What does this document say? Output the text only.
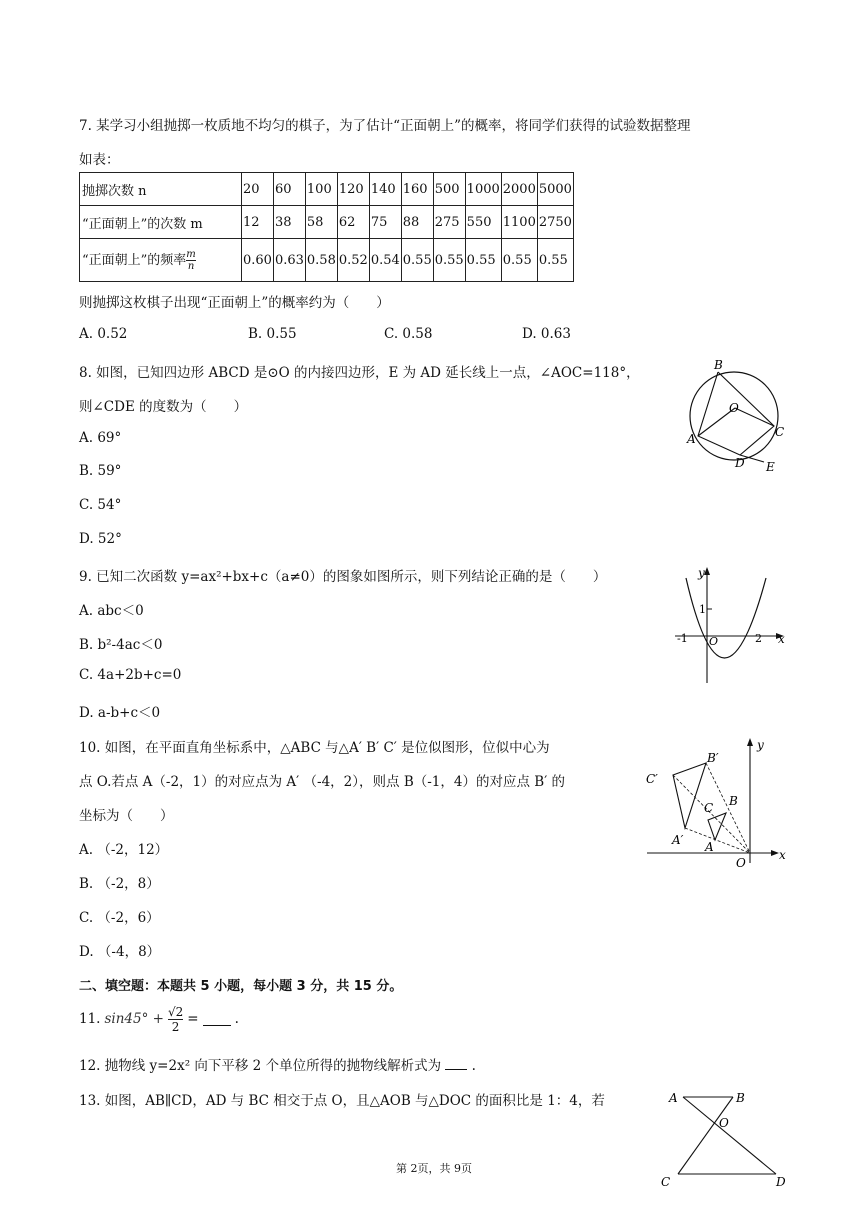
7. 某学习小组抛掷一枚质地不均匀的棋子，为了估计“正面朝上”的概率，将同学们获得的试验数据整理
如表：
抛掷次数 n	20	60	100	120	140	160	500	1000	2000	5000
“正面朝上”的次数 m	12	38	58	62	75	88	275	550	1100	2750
“正面朝上”的频率 $\frac{m}{n}$	0.60	0.63	0.58	0.52	0.54	0.55	0.55	0.55	0.55	0.55
则抛掷这枚棋子出现“正面朝上”的概率约为（　　）
A. 0.52	B. 0.55	C. 0.58	D. 0.63
8. 如图，已知四边形 ABCD 是⊙O 的内接四边形，E 为 AD 延长线上一点，∠AOC=118°，
则∠CDE 的度数为（　　）
A. 69°
B. 59°
C. 54°
D. 52°
B
O
A	C
D E
9. 已知二次函数 y=ax²+bx+c（a≠0）的图象如图所示，则下列结论正确的是（　　）
A. abc＜0
B. b²-4ac＜0
C. 4a+2b+c=0
D. a-b+c＜0
y
x
1
-1 O	2
10. 如图，在平面直角坐标系中，△ABC 与△A′ B′ C′ 是位似图形，位似中心为
点 O.若点 A（-2，1）的对应点为 A′ （-4，2），则点 B（-1，4）的对应点 B′ 的
坐标为（　　）
A. （-2，12）
B. （-2，8）
C. （-2，6）
D. （-4，8）
B′
C′
A′
B
C
A
O
y
x
二、填空题：本题共 5 小题，每小题 3 分，共 15 分。
11. $\sin 45^\circ + \frac{√2}{2}$ =	.
12. 抛物线 y=2x² 向下平移 2 个单位所得的抛物线解析式为 .
13. 如图，AB∥CD，AD 与 BC 相交于点 O，且△AOB 与△DOC 的面积比是 1：4，若	A	B
O
C	D
第 2页，共 9页
